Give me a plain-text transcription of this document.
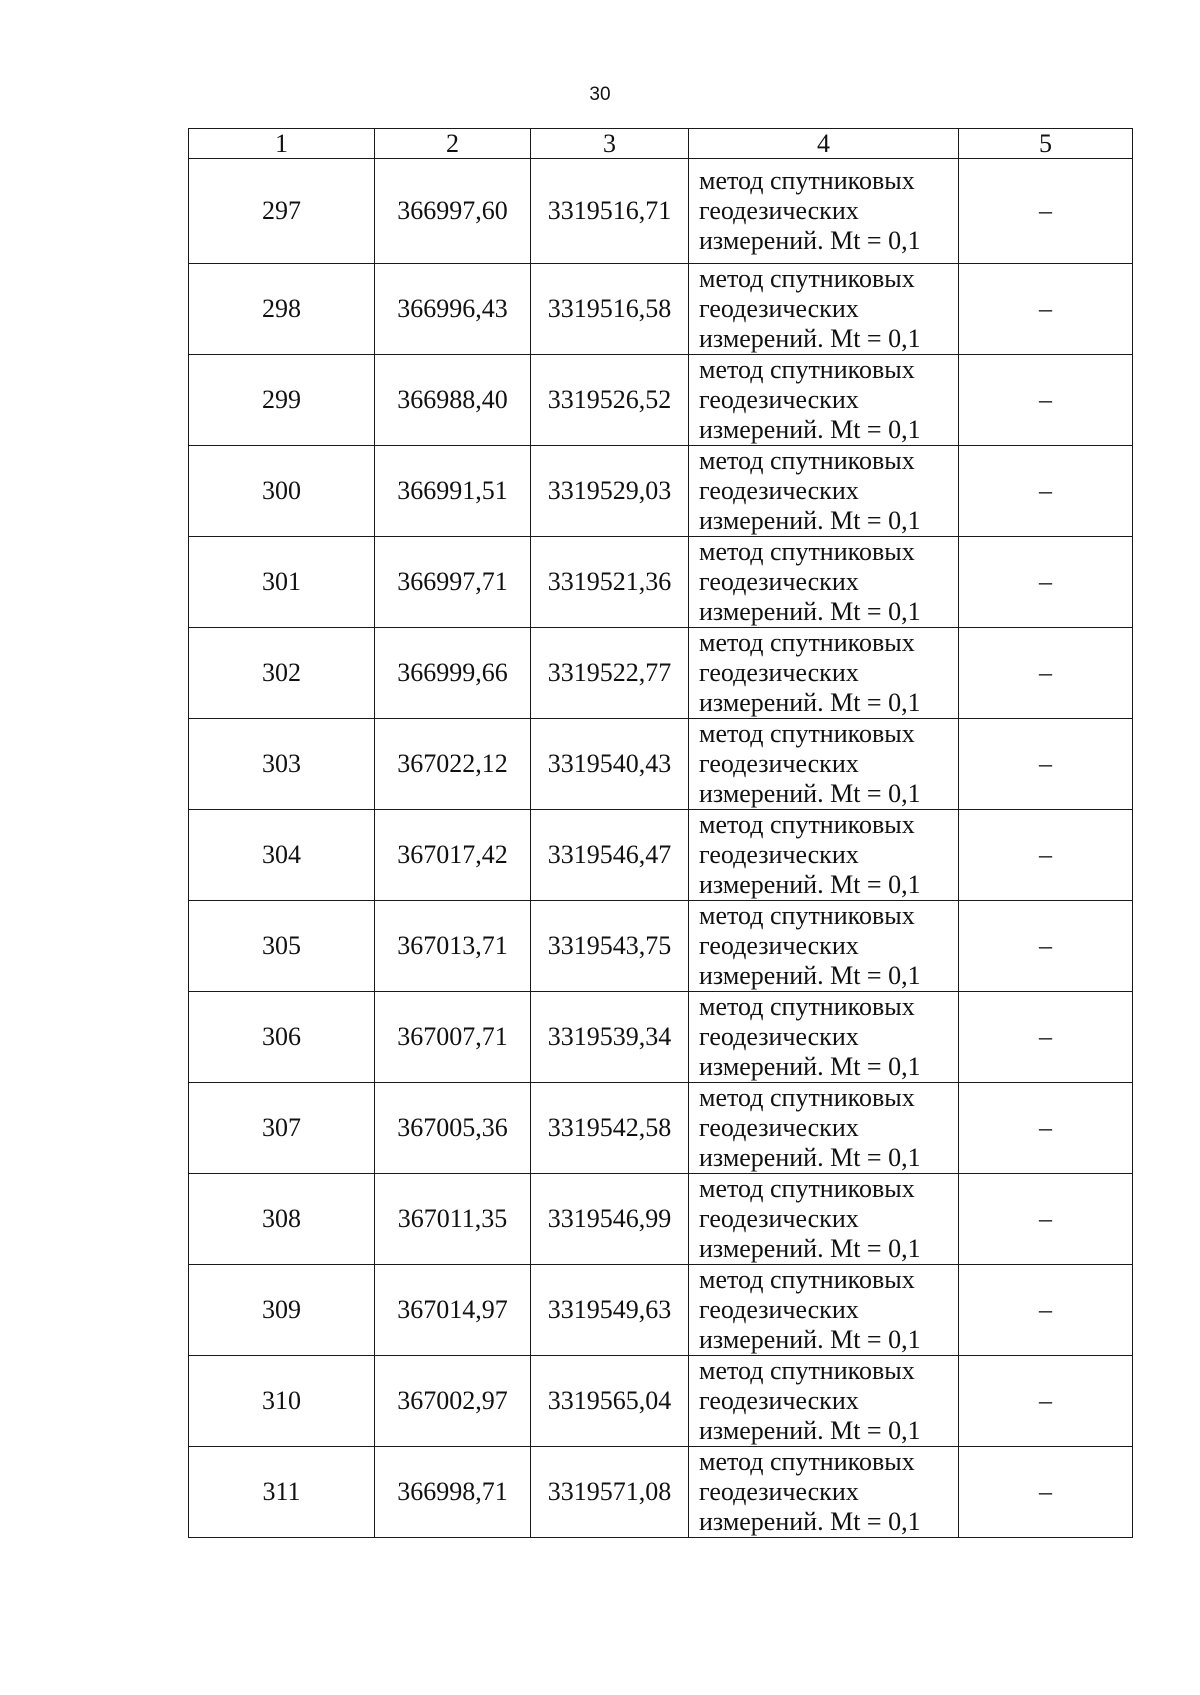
30
1	2	3	4	5
297	366997,60	3319516,71	метод спутниковых
геодезических
измерений. Mt = 0,1	–
298	366996,43	3319516,58	метод спутниковых
геодезических
измерений. Mt = 0,1	–
299	366988,40	3319526,52	метод спутниковых
геодезических
измерений. Mt = 0,1	–
300	366991,51	3319529,03	метод спутниковых
геодезических
измерений. Mt = 0,1	–
301	366997,71	3319521,36	метод спутниковых
геодезических
измерений. Mt = 0,1	–
302	366999,66	3319522,77	метод спутниковых
геодезических
измерений. Mt = 0,1	–
303	367022,12	3319540,43	метод спутниковых
геодезических
измерений. Mt = 0,1	–
304	367017,42	3319546,47	метод спутниковых
геодезических
измерений. Mt = 0,1	–
305	367013,71	3319543,75	метод спутниковых
геодезических
измерений. Mt = 0,1	–
306	367007,71	3319539,34	метод спутниковых
геодезических
измерений. Mt = 0,1	–
307	367005,36	3319542,58	метод спутниковых
геодезических
измерений. Mt = 0,1	–
308	367011,35	3319546,99	метод спутниковых
геодезических
измерений. Mt = 0,1	–
309	367014,97	3319549,63	метод спутниковых
геодезических
измерений. Mt = 0,1	–
310	367002,97	3319565,04	метод спутниковых
геодезических
измерений. Mt = 0,1	–
311	366998,71	3319571,08	метод спутниковых
геодезических
измерений. Mt = 0,1	–
